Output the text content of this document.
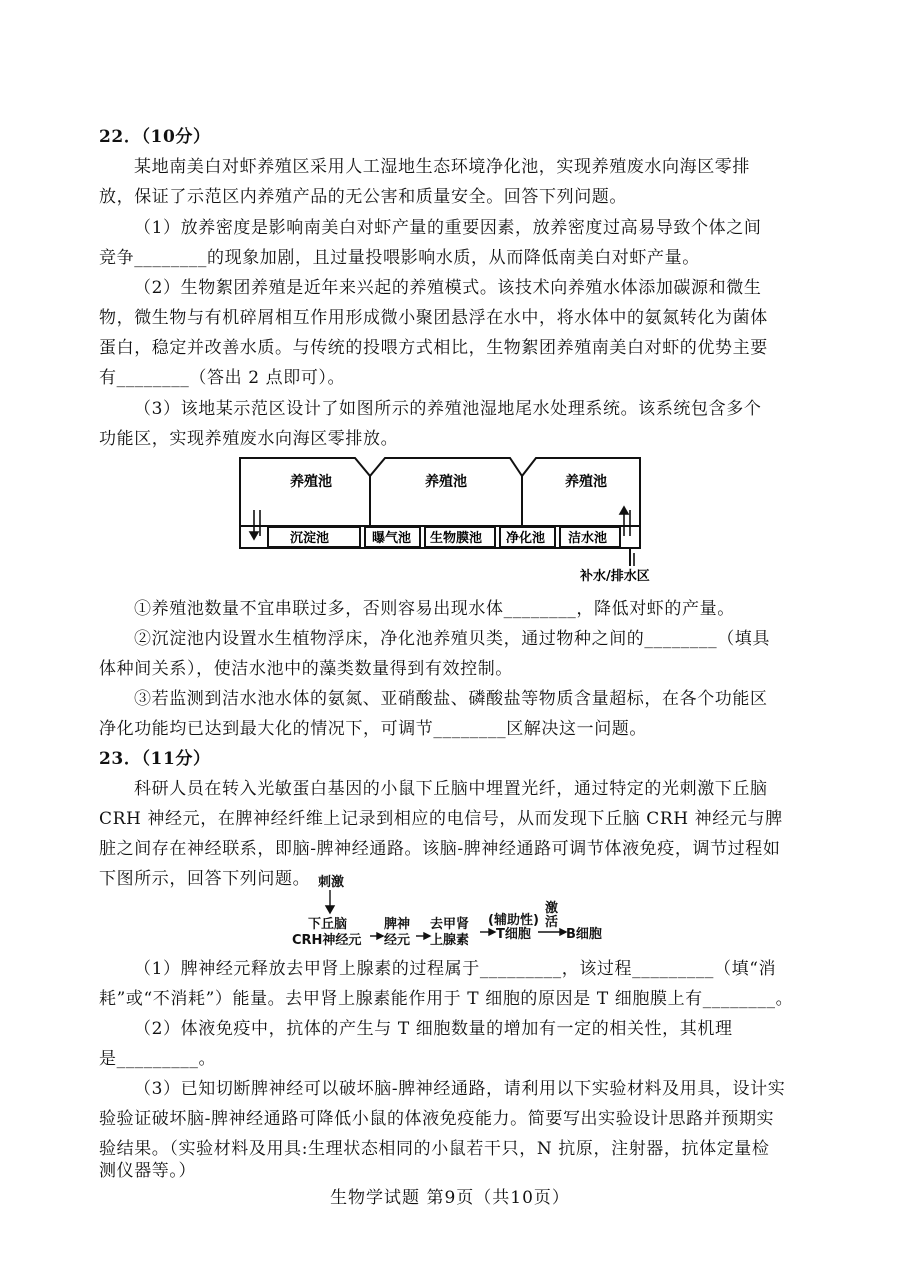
22．（10分）
某地南美白对虾养殖区采用人工湿地生态环境净化池，实现养殖废水向海区零排
放，保证了示范区内养殖产品的无公害和质量安全。回答下列问题。
（1）放养密度是影响南美白对虾产量的重要因素，放养密度过高易导致个体之间
竞争________的现象加剧，且过量投喂影响水质，从而降低南美白对虾产量。
（2）生物絮团养殖是近年来兴起的养殖模式。该技术向养殖水体添加碳源和微生
物，微生物与有机碎屑相互作用形成微小聚团悬浮在水中，将水体中的氨氮转化为菌体
蛋白，稳定并改善水质。与传统的投喂方式相比，生物絮团养殖南美白对虾的优势主要
有________（答出 2 点即可）。
（3）该地某示范区设计了如图所示的养殖池湿地尾水处理系统。该系统包含多个
功能区，实现养殖废水向海区零排放。
养殖池	养殖池	养殖池
沉淀池	曝气池 生物膜池 净化池 洁水池
补水/排水区
①养殖池数量不宜串联过多，否则容易出现水体________，降低对虾的产量。
②沉淀池内设置水生植物浮床，净化池养殖贝类，通过物种之间的________（填具
体种间关系），使洁水池中的藻类数量得到有效控制。
③若监测到洁水池水体的氨氮、亚硝酸盐、磷酸盐等物质含量超标，在各个功能区
净化功能均已达到最大化的情况下，可调节________区解决这一问题。
23．（11分）
科研人员在转入光敏蛋白基因的小鼠下丘脑中埋置光纤，通过特定的光刺激下丘脑
CRH 神经元，在脾神经纤维上记录到相应的电信号，从而发现下丘脑 CRH 神经元与脾
脏之间存在神经联系，即脑-脾神经通路。该脑-脾神经通路可调节体液免疫，调节过程如
下图所示，回答下列问题。 刺激
下丘脑
CRH神经元
脾神
经元
去甲肾
上腺素
(辅助性)
T细胞
激
活
B细胞
（1）脾神经元释放去甲肾上腺素的过程属于_________，该过程_________（填“消
耗”或“不消耗”）能量。去甲肾上腺素能作用于 T 细胞的原因是 T 细胞膜上有________。
（2）体液免疫中，抗体的产生与 T 细胞数量的增加有一定的相关性，其机理
是_________。
（3）已知切断脾神经可以破坏脑-脾神经通路，请利用以下实验材料及用具，设计实
验验证破坏脑-脾神经通路可降低小鼠的体液免疫能力。简要写出实验设计思路并预期实
验结果。（实验材料及用具:生理状态相同的小鼠若干只，N 抗原，注射器，抗体定量检
测仪器等。）
生物学试题 第9页（共10页）
